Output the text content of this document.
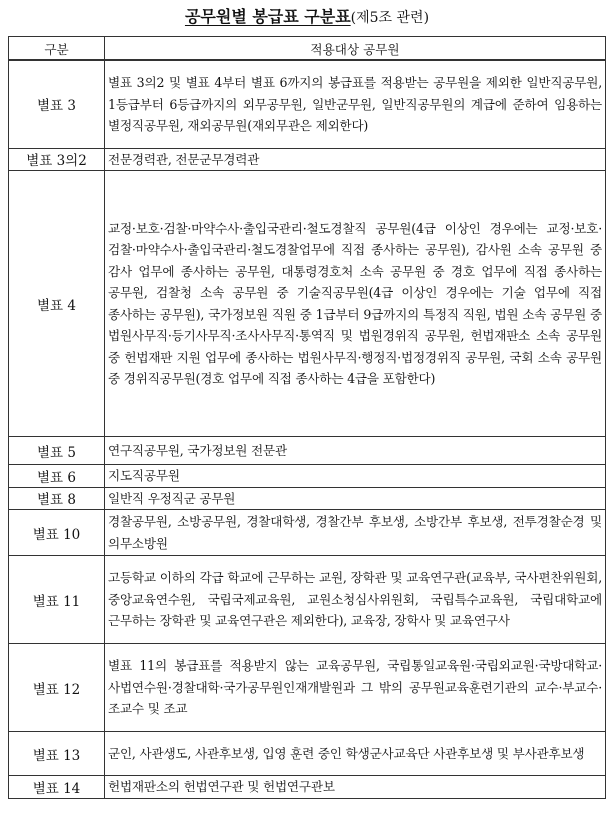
공무원별 봉급표 구분표(제5조 관련)
구분	적용대상 공무원
별표 3	별표 3의2 및 별표 4부터 별표 6까지의 봉급표를 적용받는 공무원을 제외한 일반직공무원, 1등급부터 6등급까지의 외무공무원, 일반군무원, 일반직공무원의 계급에 준하여 임용하는 별정직공무원, 재외공무원(재외무관은 제외한다)
별표 3의2	전문경력관, 전문군무경력관
별표 4	교정·보호·검찰·마약수사·출입국관리·철도경찰직 공무원(4급 이상인 경우에는 교정·보호·검찰·마약수사·출입국관리·철도경찰업무에 직접 종사하는 공무원), 감사원 소속 공무원 중 감사 업무에 종사하는 공무원, 대통령경호처 소속 공무원 중 경호 업무에 직접 종사하는 공무원, 검찰청 소속 공무원 중 기술직공무원(4급 이상인 경우에는 기술 업무에 직접 종사하는 공무원), 국가정보원 직원 중 1급부터 9급까지의 특정직 직원, 법원 소속 공무원 중 법원사무직·등기사무직·조사사무직·통역직 및 법원경위직 공무원, 헌법재판소 소속 공무원 중 헌법재판 지원 업무에 종사하는 법원사무직·행정직·법정경위직 공무원, 국회 소속 공무원 중 경위직공무원(경호 업무에 직접 종사하는 4급을 포함한다)
별표 5	연구직공무원, 국가정보원 전문관
별표 6	지도직공무원
별표 8	일반직 우정직군 공무원
별표 10	경찰공무원, 소방공무원, 경찰대학생, 경찰간부 후보생, 소방간부 후보생, 전투경찰순경 및 의무소방원
별표 11	고등학교 이하의 각급 학교에 근무하는 교원, 장학관 및 교육연구관(교육부, 국사편찬위원회, 중앙교육연수원, 국립국제교육원, 교원소청심사위원회, 국립특수교육원, 국립대학교에 근무하는 장학관 및 교육연구관은 제외한다), 교육장, 장학사 및 교육연구사
별표 12	별표 11의 봉급표를 적용받지 않는 교육공무원, 국립통일교육원·국립외교원·국방대학교·사법연수원·경찰대학·국가공무원인재개발원과 그 밖의 공무원교육훈련기관의 교수·부교수·조교수 및 조교
별표 13	군인, 사관생도, 사관후보생, 입영 훈련 중인 학생군사교육단 사관후보생 및 부사관후보생
별표 14	헌법재판소의 헌법연구관 및 헌법연구관보
